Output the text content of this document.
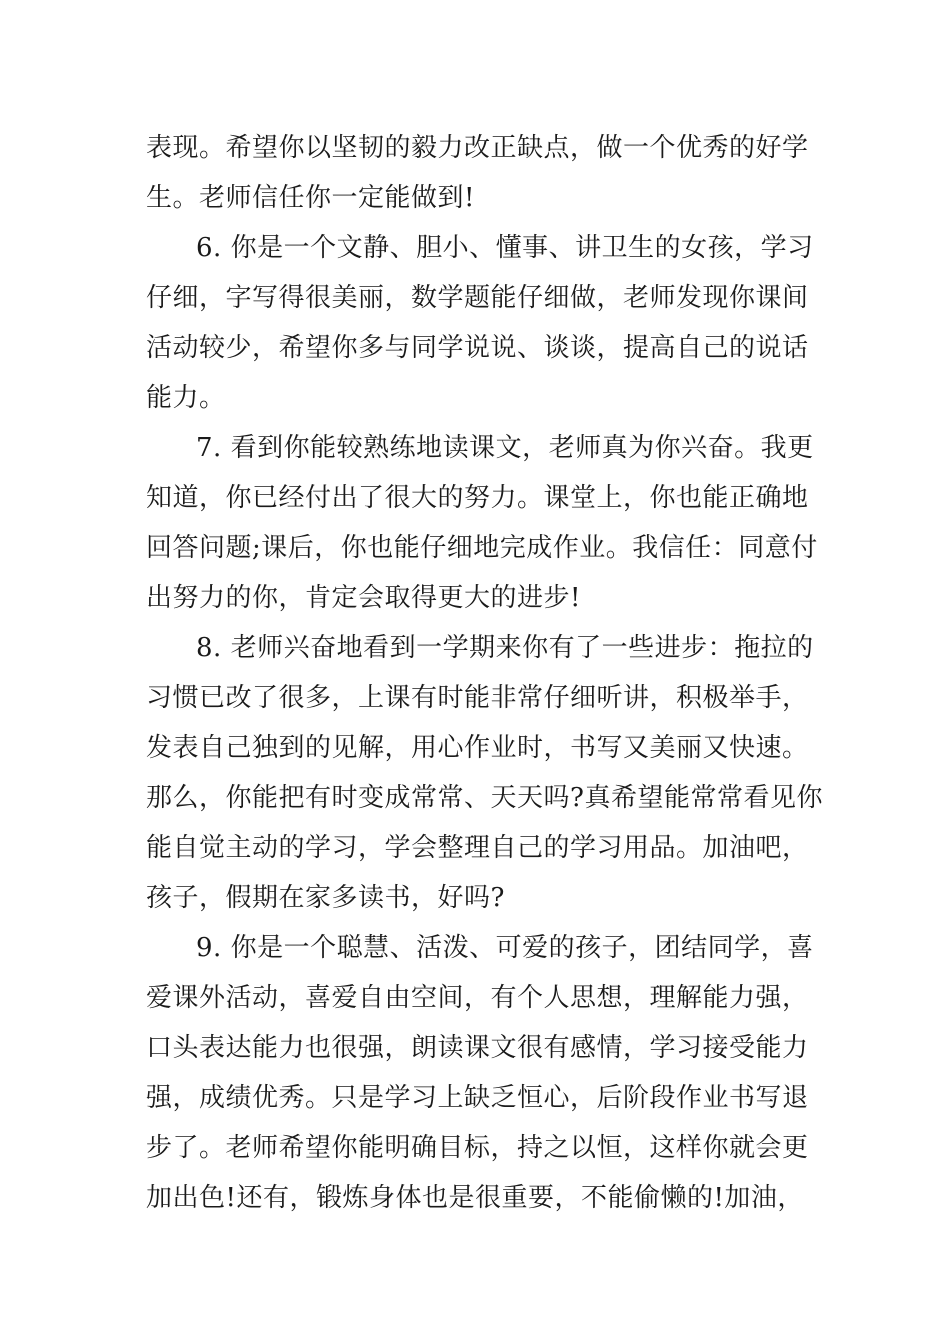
表现。希望你以坚韧的毅力改正缺点，做一个优秀的好学
生。老师信任你一定能做到!
6. 你是一个文静、胆小、懂事、讲卫生的女孩，学习
仔细，字写得很美丽，数学题能仔细做，老师发现你课间
活动较少，希望你多与同学说说、谈谈，提高自己的说话
能力。
7. 看到你能较熟练地读课文，老师真为你兴奋。我更
知道，你已经付出了很大的努力。课堂上，你也能正确地
回答问题;课后，你也能仔细地完成作业。我信任：同意付
出努力的你，肯定会取得更大的进步!
8. 老师兴奋地看到一学期来你有了一些进步：拖拉的
习惯已改了很多，上课有时能非常仔细听讲，积极举手，
发表自己独到的见解，用心作业时，书写又美丽又快速。
那么，你能把有时变成常常、天天吗?真希望能常常看见你
能自觉主动的学习，学会整理自己的学习用品。加油吧，
孩子，假期在家多读书，好吗?
9. 你是一个聪慧、活泼、可爱的孩子，团结同学，喜
爱课外活动，喜爱自由空间，有个人思想，理解能力强，
口头表达能力也很强，朗读课文很有感情，学习接受能力
强，成绩优秀。只是学习上缺乏恒心，后阶段作业书写退
步了。老师希望你能明确目标，持之以恒，这样你就会更
加出色!还有，锻炼身体也是很重要，不能偷懒的!加油，
